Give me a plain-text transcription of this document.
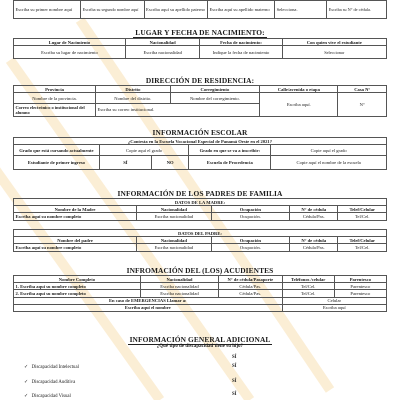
Escriba su primer nombre aquí	Escriba su segundo nombre aquí	Escriba aquí su apellido paterno	Escriba aquí su apellido materno	Selecciona.	Escriba su N° de cédula.
LUGAR Y FECHA DE NACIMIENTO:
Lugar de Nacimiento	Nacionalidad	Fecha de nacimiento:	Con quien vive el estudiante
Escriba su lugar de nacimiento	Escriba nacionalidad	Indique la fecha de nacimiento	Seleccionar
DIRECCIÓN DE RESIDENCIA:
Provincia	Distrito	Corregimiento	Calle/avenida o etapa	Casa N°
Nombre de la provincia.	Nombre del distrito.	Nombre del corregimiento.	Escriba aquí.	N°
Correo electrónico o institucional del alumno	Escriba su correo institucional.			
INFORMACIÓN ESCOLAR
¿Contesta en la Escuela Vocacional Especial de Panamá Oeste en el 2021?				
Grado que está cursando actualmente	Copie aquí el grado		Grado en que se va a inscribir:	Copie aquí el grado
Estudiante de primer ingreso	SÍ	NO	Escuela de Procedencia	Copie aquí el nombre de la escuela
INFORMACIÓN DE LOS PADRES DE FAMILIA
DATOS DE LA MADRE:				
Nombre de la Madre	Nacionalidad	Ocupación	N° de cédula	Telef/Celular
Escriba aquí su nombre completo	Escriba nacionalidad	Ocupación.	Cédula/Pas.	Tel/Cel.
DATOS DEL PADRE:				
Nombre del padre	Nacionalidad	Ocupación	N° de cédula	Telef/Celular
Escriba aquí su nombre completo	Escriba nacionalidad	Ocupación.	Cédula/Pas.	Tel/Cel.
INFROMACIÓN DEL (LOS) ACUDIENTES
Nombre Completo	Nacionalidad	N° de cédula/Pasaporte	Teléfonos /celular	Parentesco
1. Escriba aquí su nombre completo	Escriba nacionalidad	Cédula/Pas.	Tel/Cel.	Parentesco
2. Escriba aquí su nombre completo	Escriba nacionalidad	Cédula/Pas.	Tel/Cel.	Parentesco
En caso de EMERGENCIAS Llamar a:			Celular	
Escriba aquí el nombre			Escriba aquí	
INFORMACIÓN GENERAL ADICIONAL
¿Qué tipo de discapacidad tiene su hijo?
SÍ
✓ Discapacidad Intelectual	SÍ
✓ Discapacidad Auditiva	SÍ
✓ Discapacidad Visual	SÍ
